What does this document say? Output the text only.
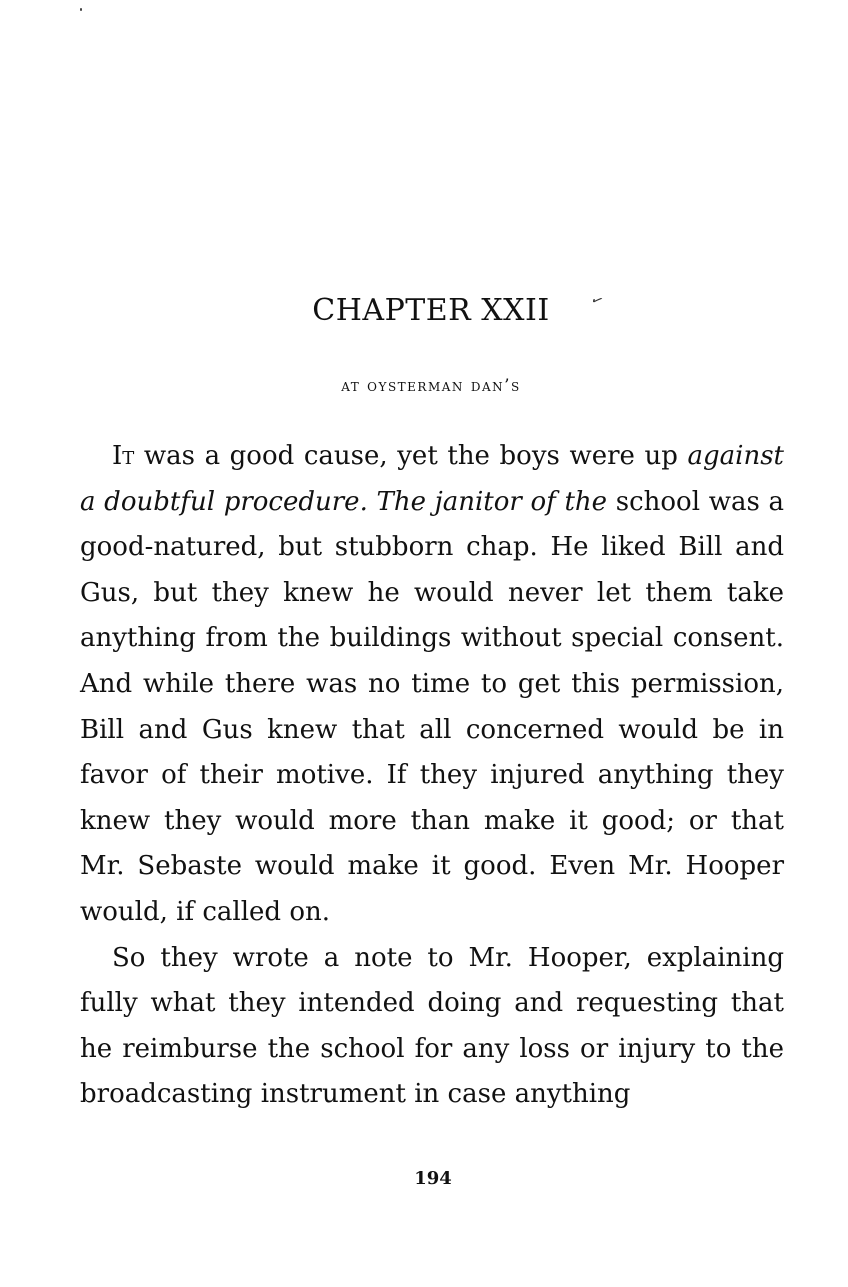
✓
CHAPTER XXII
at oysterman dan’s

It was a good cause, yet the boys were up against a doubtful procedure. The janitor of the school was a good-natured, but stubborn chap. He liked Bill and Gus, but they knew he would never let them take anything from the buildings without special consent. And while there was no time to get this permission, Bill and Gus knew that all concerned would be in favor of their motive. If they injured anything they knew they would more than make it good; or that Mr. Sebaste would make it good. Even Mr. Hooper would, if called on.

So they wrote a note to Mr. Hooper, explaining fully what they intended doing and requesting that he reimburse the school for any loss or injury to the broadcasting instrument in case anything

194
